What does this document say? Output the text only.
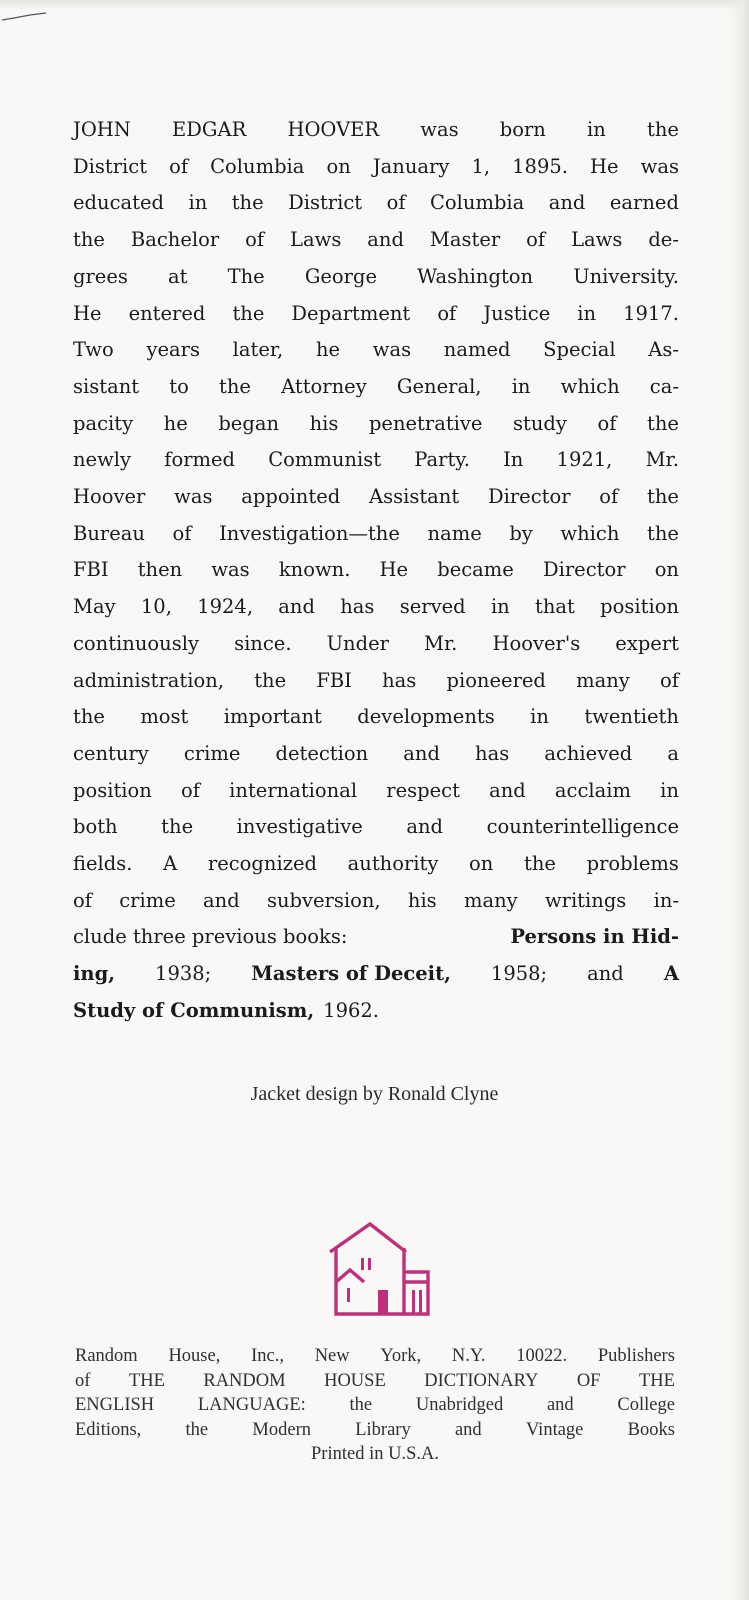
JOHN EDGAR HOOVER was born in the
District of Columbia on January 1, 1895. He was
educated in the District of Columbia and earned
the Bachelor of Laws and Master of Laws de-
grees at The George Washington University.
He entered the Department of Justice in 1917.
Two years later, he was named Special As-
sistant to the Attorney General, in which ca-
pacity he began his penetrative study of the
newly formed Communist Party. In 1921, Mr.
Hoover was appointed Assistant Director of the
Bureau of Investigation—the name by which the
FBI then was known. He became Director on
May 10, 1924, and has served in that position
continuously since. Under Mr. Hoover's expert
administration, the FBI has pioneered many of
the most important developments in twentieth
century crime detection and has achieved a
position of international respect and acclaim in
both the investigative and counterintelligence
fields. A recognized authority on the problems
of crime and subversion, his many writings in-
clude three previous books:	Persons in Hid-
ing, 1938; Masters of Deceit, 1958; and A
Study of Communism, 1962.
Jacket design by Ronald Clyne
Random House, Inc., New York, N.Y. 10022. Publishers
of THE RANDOM HOUSE DICTIONARY OF THE
ENGLISH LANGUAGE: the Unabridged and College
Editions, the Modern Library and Vintage Books
Printed in U.S.A.
